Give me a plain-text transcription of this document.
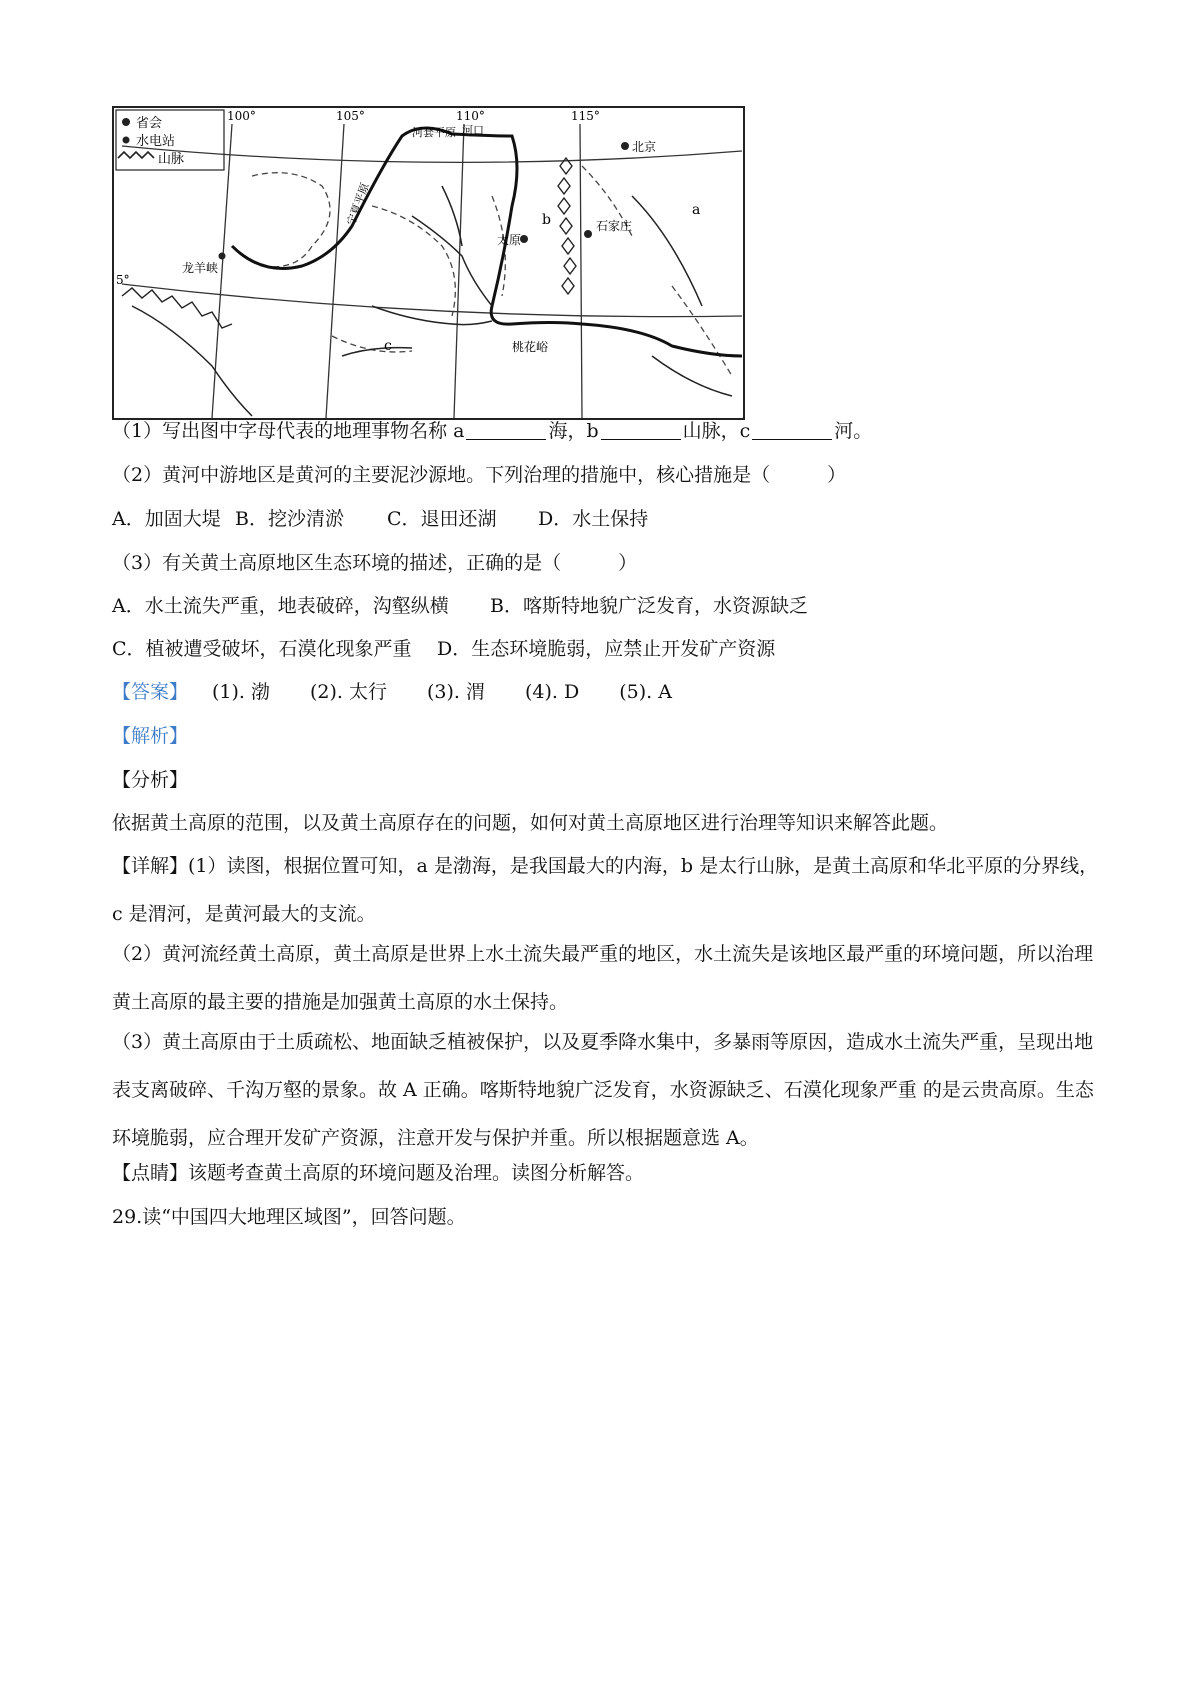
省会
水电站
山脉
100°	105°	110°	115°
5°
北京
石家庄
太原
龙羊峡
河口
桃花峪
宁夏平原
河套平原
a
b
c
（1）写出图中字母代表的地理事物名称 a	海，b	山脉，c	河。
（2）黄河中游地区是黄河的主要泥沙源地。下列治理的措施中，核心措施是（　　　）
A．加固大堤 B．挖沙清淤 C．退田还湖 D．水土保持
（3）有关黄土高原地区生态环境的描述，正确的是（　　　）
A．水土流失严重，地表破碎，沟壑纵横 B．喀斯特地貌广泛发育，水资源缺乏
C．植被遭受破坏，石漠化现象严重 D．生态环境脆弱，应禁止开发矿产资源
【答案】 (1). 渤 (2). 太行 (3). 渭 (4). D (5). A
【解析】
【分析】
依据黄土高原的范围，以及黄土高原存在的问题，如何对黄土高原地区进行治理等知识来解答此题。
【详解】(1）读图，根据位置可知，a 是渤海，是我国最大的内海，b 是太行山脉，是黄土高原和华北平原的分界线，c 是渭河，是黄河最大的支流。
（2）黄河流经黄土高原，黄土高原是世界上水土流失最严重的地区，水土流失是该地区最严重的环境问题，所以治理黄土高原的最主要的措施是加强黄土高原的水土保持。
（3）黄土高原由于土质疏松、地面缺乏植被保护，以及夏季降水集中，多暴雨等原因，造成水土流失严重，呈现出地表支离破碎、千沟万壑的景象。故 A 正确。喀斯特地貌广泛发育，水资源缺乏、石漠化现象严重 的是云贵高原。生态环境脆弱，应合理开发矿产资源，注意开发与保护并重。所以根据题意选 A。
【点睛】该题考查黄土高原的环境问题及治理。读图分析解答。
29.读“中国四大地理区域图”，回答问题。
